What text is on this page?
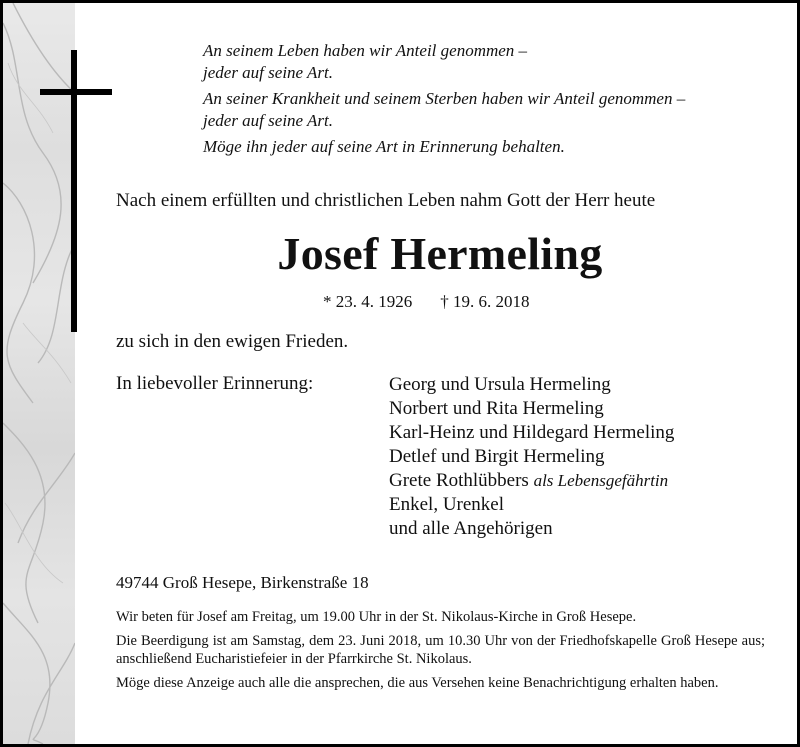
An seinem Leben haben wir Anteil genommen –
jeder auf seine Art.
An seiner Krankheit und seinem Sterben haben wir Anteil genommen –
jeder auf seine Art.
Möge ihn jeder auf seine Art in Erinnerung behalten.
Nach einem erfüllten und christlichen Leben nahm Gott der Herr heute
Josef Hermeling
* 23. 4. 1926 † 19. 6. 2018
zu sich in den ewigen Frieden.
In liebevoller Erinnerung:	Georg und Ursula Hermeling
Norbert und Rita Hermeling
Karl-Heinz und Hildegard Hermeling
Detlef und Birgit Hermeling
Grete Rothlübbers als Lebensgefährtin
Enkel, Urenkel
und alle Angehörigen
49744 Groß Hesepe, Birkenstraße 18

Wir beten für Josef am Freitag, um 19.00 Uhr in der St. Nikolaus-Kirche in Groß Hesepe.

Die Beerdigung ist am Samstag, dem 23. Juni 2018, um 10.30 Uhr von der Friedhofskapelle Groß Hesepe aus; anschließend Eucharistiefeier in der Pfarrkirche St. Nikolaus.

Möge diese Anzeige auch alle die ansprechen, die aus Versehen keine Benachrichtigung erhalten haben.
